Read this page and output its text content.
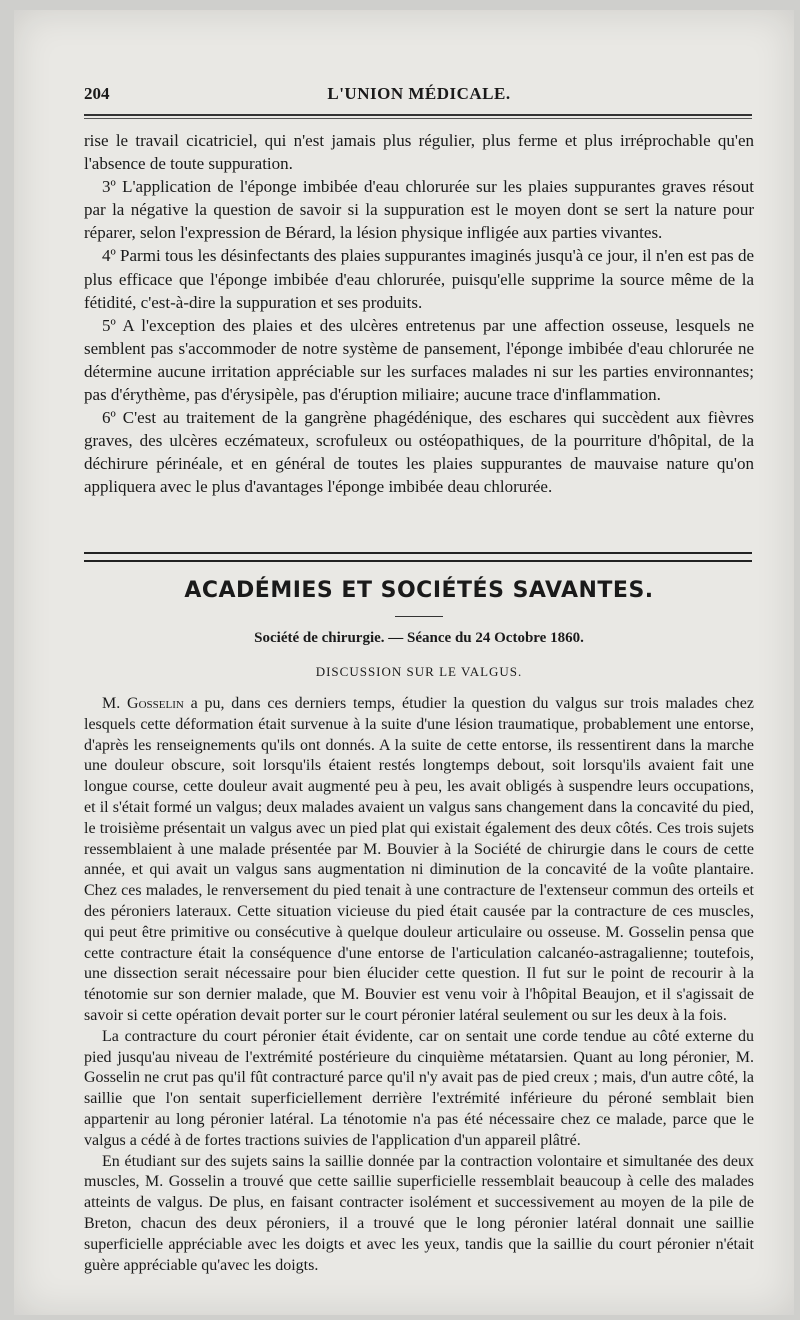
204	L'UNION MÉDICALE.

rise le travail cicatriciel, qui n'est jamais plus régulier, plus ferme et plus irréprochable qu'en l'absence de toute suppuration.

3º L'application de l'éponge imbibée d'eau chlorurée sur les plaies suppurantes graves résout par la négative la question de savoir si la suppuration est le moyen dont se sert la nature pour réparer, selon l'expression de Bérard, la lésion physique infligée aux parties vivantes.

4º Parmi tous les désinfectants des plaies suppurantes imaginés jusqu'à ce jour, il n'en est pas de plus efficace que l'éponge imbibée d'eau chlorurée, puisqu'elle supprime la source même de la fétidité, c'est-à-dire la suppuration et ses produits.

5º A l'exception des plaies et des ulcères entretenus par une affection osseuse, lesquels ne semblent pas s'accommoder de notre système de pansement, l'éponge imbibée d'eau chlorurée ne détermine aucune irritation appréciable sur les surfaces malades ni sur les parties environnantes; pas d'érythème, pas d'érysipèle, pas d'éruption miliaire; aucune trace d'inflammation.

6º C'est au traitement de la gangrène phagédénique, des eschares qui succèdent aux fièvres graves, des ulcères eczémateux, scrofuleux ou ostéopathiques, de la pourriture d'hôpital, de la déchirure périnéale, et en général de toutes les plaies suppurantes de mauvaise nature qu'on appliquera avec le plus d'avantages l'éponge imbibée deau chlorurée.

ACADÉMIES ET SOCIÉTÉS SAVANTES.
Société de chirurgie. — Séance du 24 Octobre 1860.
DISCUSSION SUR LE VALGUS.

M. Gosselin a pu, dans ces derniers temps, étudier la question du valgus sur trois malades chez lesquels cette déformation était survenue à la suite d'une lésion traumatique, probablement une entorse, d'après les renseignements qu'ils ont donnés. A la suite de cette entorse, ils ressentirent dans la marche une douleur obscure, soit lorsqu'ils étaient restés longtemps debout, soit lorsqu'ils avaient fait une longue course, cette douleur avait augmenté peu à peu, les avait obligés à suspendre leurs occupations, et il s'était formé un valgus; deux malades avaient un valgus sans changement dans la concavité du pied, le troisième présentait un valgus avec un pied plat qui existait également des deux côtés. Ces trois sujets ressemblaient à une malade présentée par M. Bouvier à la Société de chirurgie dans le cours de cette année, et qui avait un valgus sans augmentation ni diminution de la concavité de la voûte plantaire. Chez ces malades, le renversement du pied tenait à une contracture de l'extenseur commun des orteils et des péroniers lateraux. Cette situation vicieuse du pied était causée par la contracture de ces muscles, qui peut être primitive ou consécutive à quelque douleur articulaire ou osseuse. M. Gosselin pensa que cette contracture était la conséquence d'une entorse de l'articulation calcanéo-astragalienne; toutefois, une dissection serait nécessaire pour bien élucider cette question. Il fut sur le point de recourir à la ténotomie sur son dernier malade, que M. Bouvier est venu voir à l'hôpital Beaujon, et il s'agissait de savoir si cette opération devait porter sur le court péronier latéral seulement ou sur les deux à la fois.

La contracture du court péronier était évidente, car on sentait une corde tendue au côté externe du pied jusqu'au niveau de l'extrémité postérieure du cinquième métatarsien. Quant au long péronier, M. Gosselin ne crut pas qu'il fût contracturé parce qu'il n'y avait pas de pied creux ; mais, d'un autre côté, la saillie que l'on sentait superficiellement derrière l'extrémité inférieure du péroné semblait bien appartenir au long péronier latéral. La ténotomie n'a pas été nécessaire chez ce malade, parce que le valgus a cédé à de fortes tractions suivies de l'application d'un appareil plâtré.

En étudiant sur des sujets sains la saillie donnée par la contraction volontaire et simultanée des deux muscles, M. Gosselin a trouvé que cette saillie superficielle ressemblait beaucoup à celle des malades atteints de valgus. De plus, en faisant contracter isolément et successivement au moyen de la pile de Breton, chacun des deux péroniers, il a trouvé que le long péronier latéral donnait une saillie superficielle appréciable avec les doigts et avec les yeux, tandis que la saillie du court péronier n'était guère appréciable qu'avec les doigts.
